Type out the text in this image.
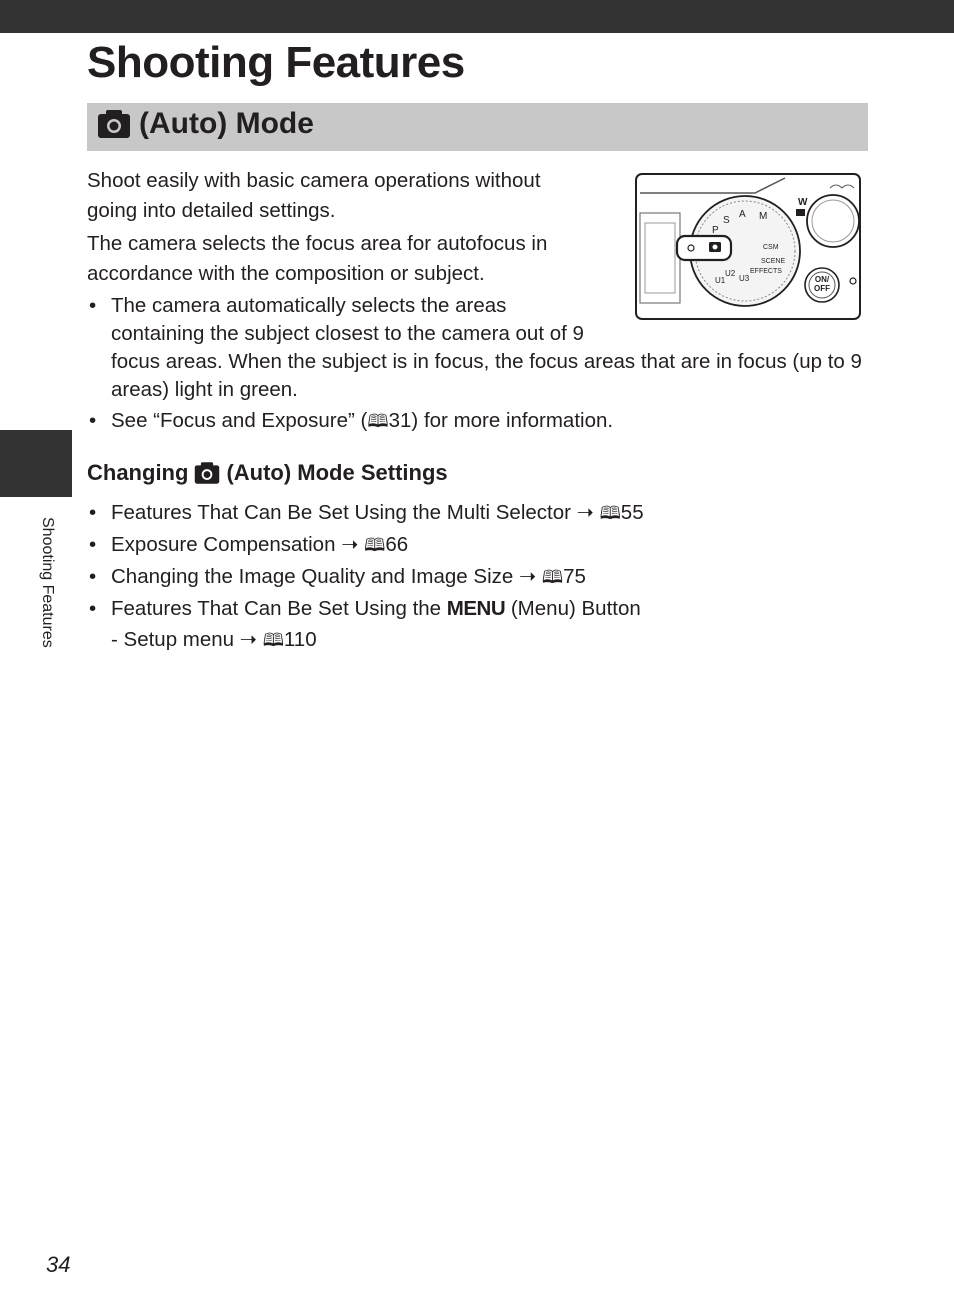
Shooting Features
(Auto) Mode

Shoot easily with basic camera operations without going into detailed settings.

The camera selects the focus area for autofocus in accordance with the composition or subject.

• The camera automatically selects the areas
containing the subject closest to the camera out of 9
focus areas. When the subject is in focus, the focus areas that are in focus (up to 9 areas) light in green.
• See “Focus and Exposure” (🕮31) for more information.
Changing (Auto) Mode Settings
• Features That Can Be Set Using the Multi Selector ➝ 🕮55
• Exposure Compensation ➝ 🕮66
• Changing the Image Quality and Image Size ➝ 🕮75
• Features That Can Be Set Using the MENU (Menu) Button
- Setup menu ➝ 🕮110
M
A
S
P
U1
U2
U3
EFFECTS
SCENE
CSM
W
ON/
OFF
Shooting Features
34
